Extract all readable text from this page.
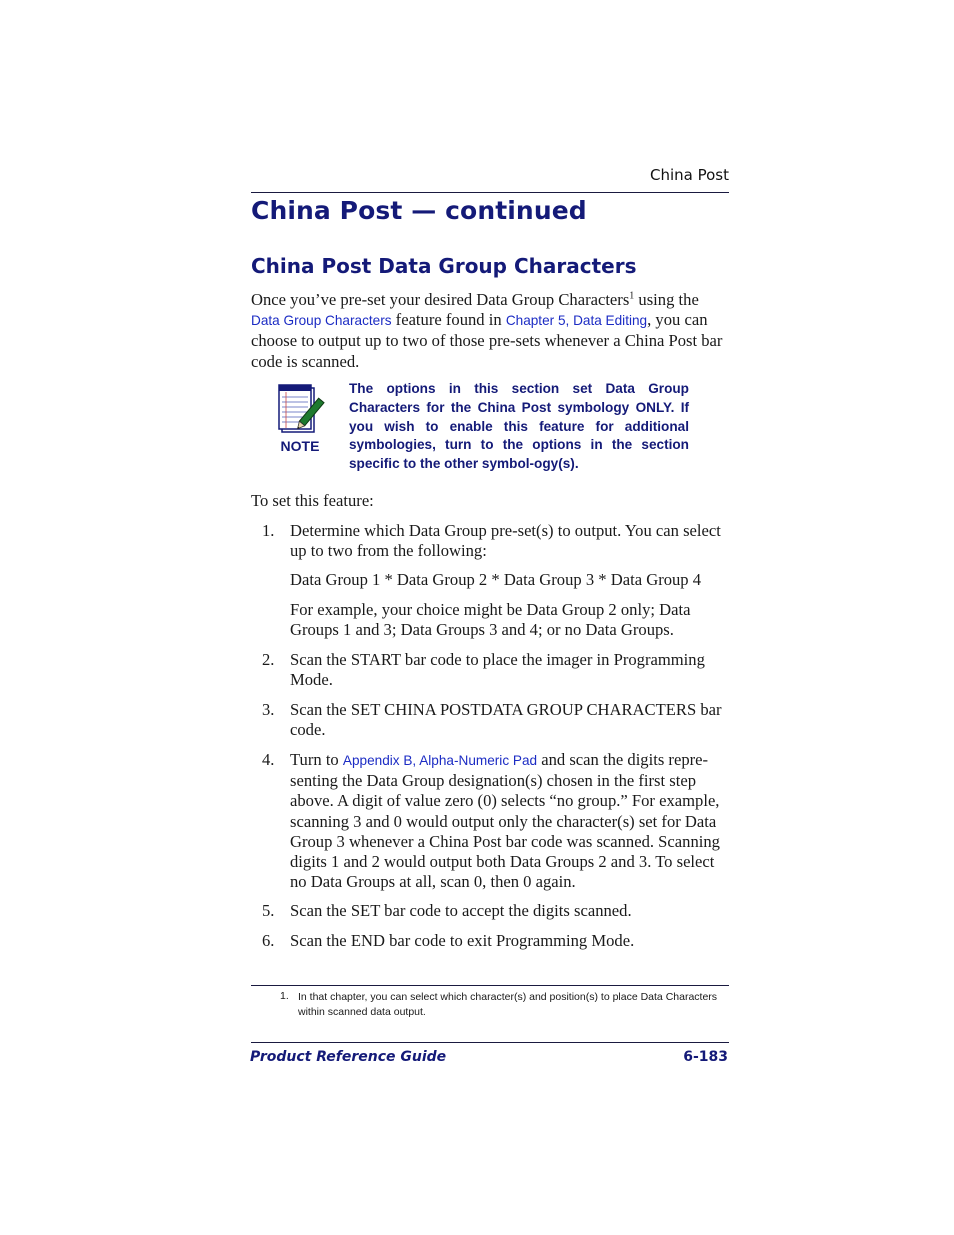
China Post
China Post — continued
China Post Data Group Characters
Once you’ve pre-set your desired Data Group Characters$^1$ using the Data Group Characters feature found in Chapter 5, Data Editing, you can choose to output up to two of those pre-sets whenever a China Post bar code is scanned.
NOTE
The options in this section set Data Group Characters for the China Post symbology ONLY. If you wish to enable this feature for additional symbologies, turn to the options in the section specific to the other symbol-ogy(s).
To set this feature:
1. Determine which Data Group pre-set(s) to output. You can select up to two from the following:
Data Group 1 * Data Group 2 * Data Group 3 * Data Group 4
For example, your choice might be Data Group 2 only; Data Groups 1 and 3; Data Groups 3 and 4; or no Data Groups.
2. Scan the START bar code to place the imager in Programming Mode.
3. Scan the SET CHINA POSTDATA GROUP CHARACTERS bar code.
4. Turn to Appendix B, Alpha-Numeric Pad and scan the digits repre-senting the Data Group designation(s) chosen in the first step above. A digit of value zero (0) selects “no group.” For example, scanning 3 and 0 would output only the character(s) set for Data Group 3 whenever a China Post bar code was scanned. Scanning digits 1 and 2 would output both Data Groups 2 and 3. To select no Data Groups at all, scan 0, then 0 again.
5. Scan the SET bar code to accept the digits scanned.
6. Scan the END bar code to exit Programming Mode.
1. In that chapter, you can select which character(s) and position(s) to place Data Characters within scanned data output.
Product Reference Guide	6-183
